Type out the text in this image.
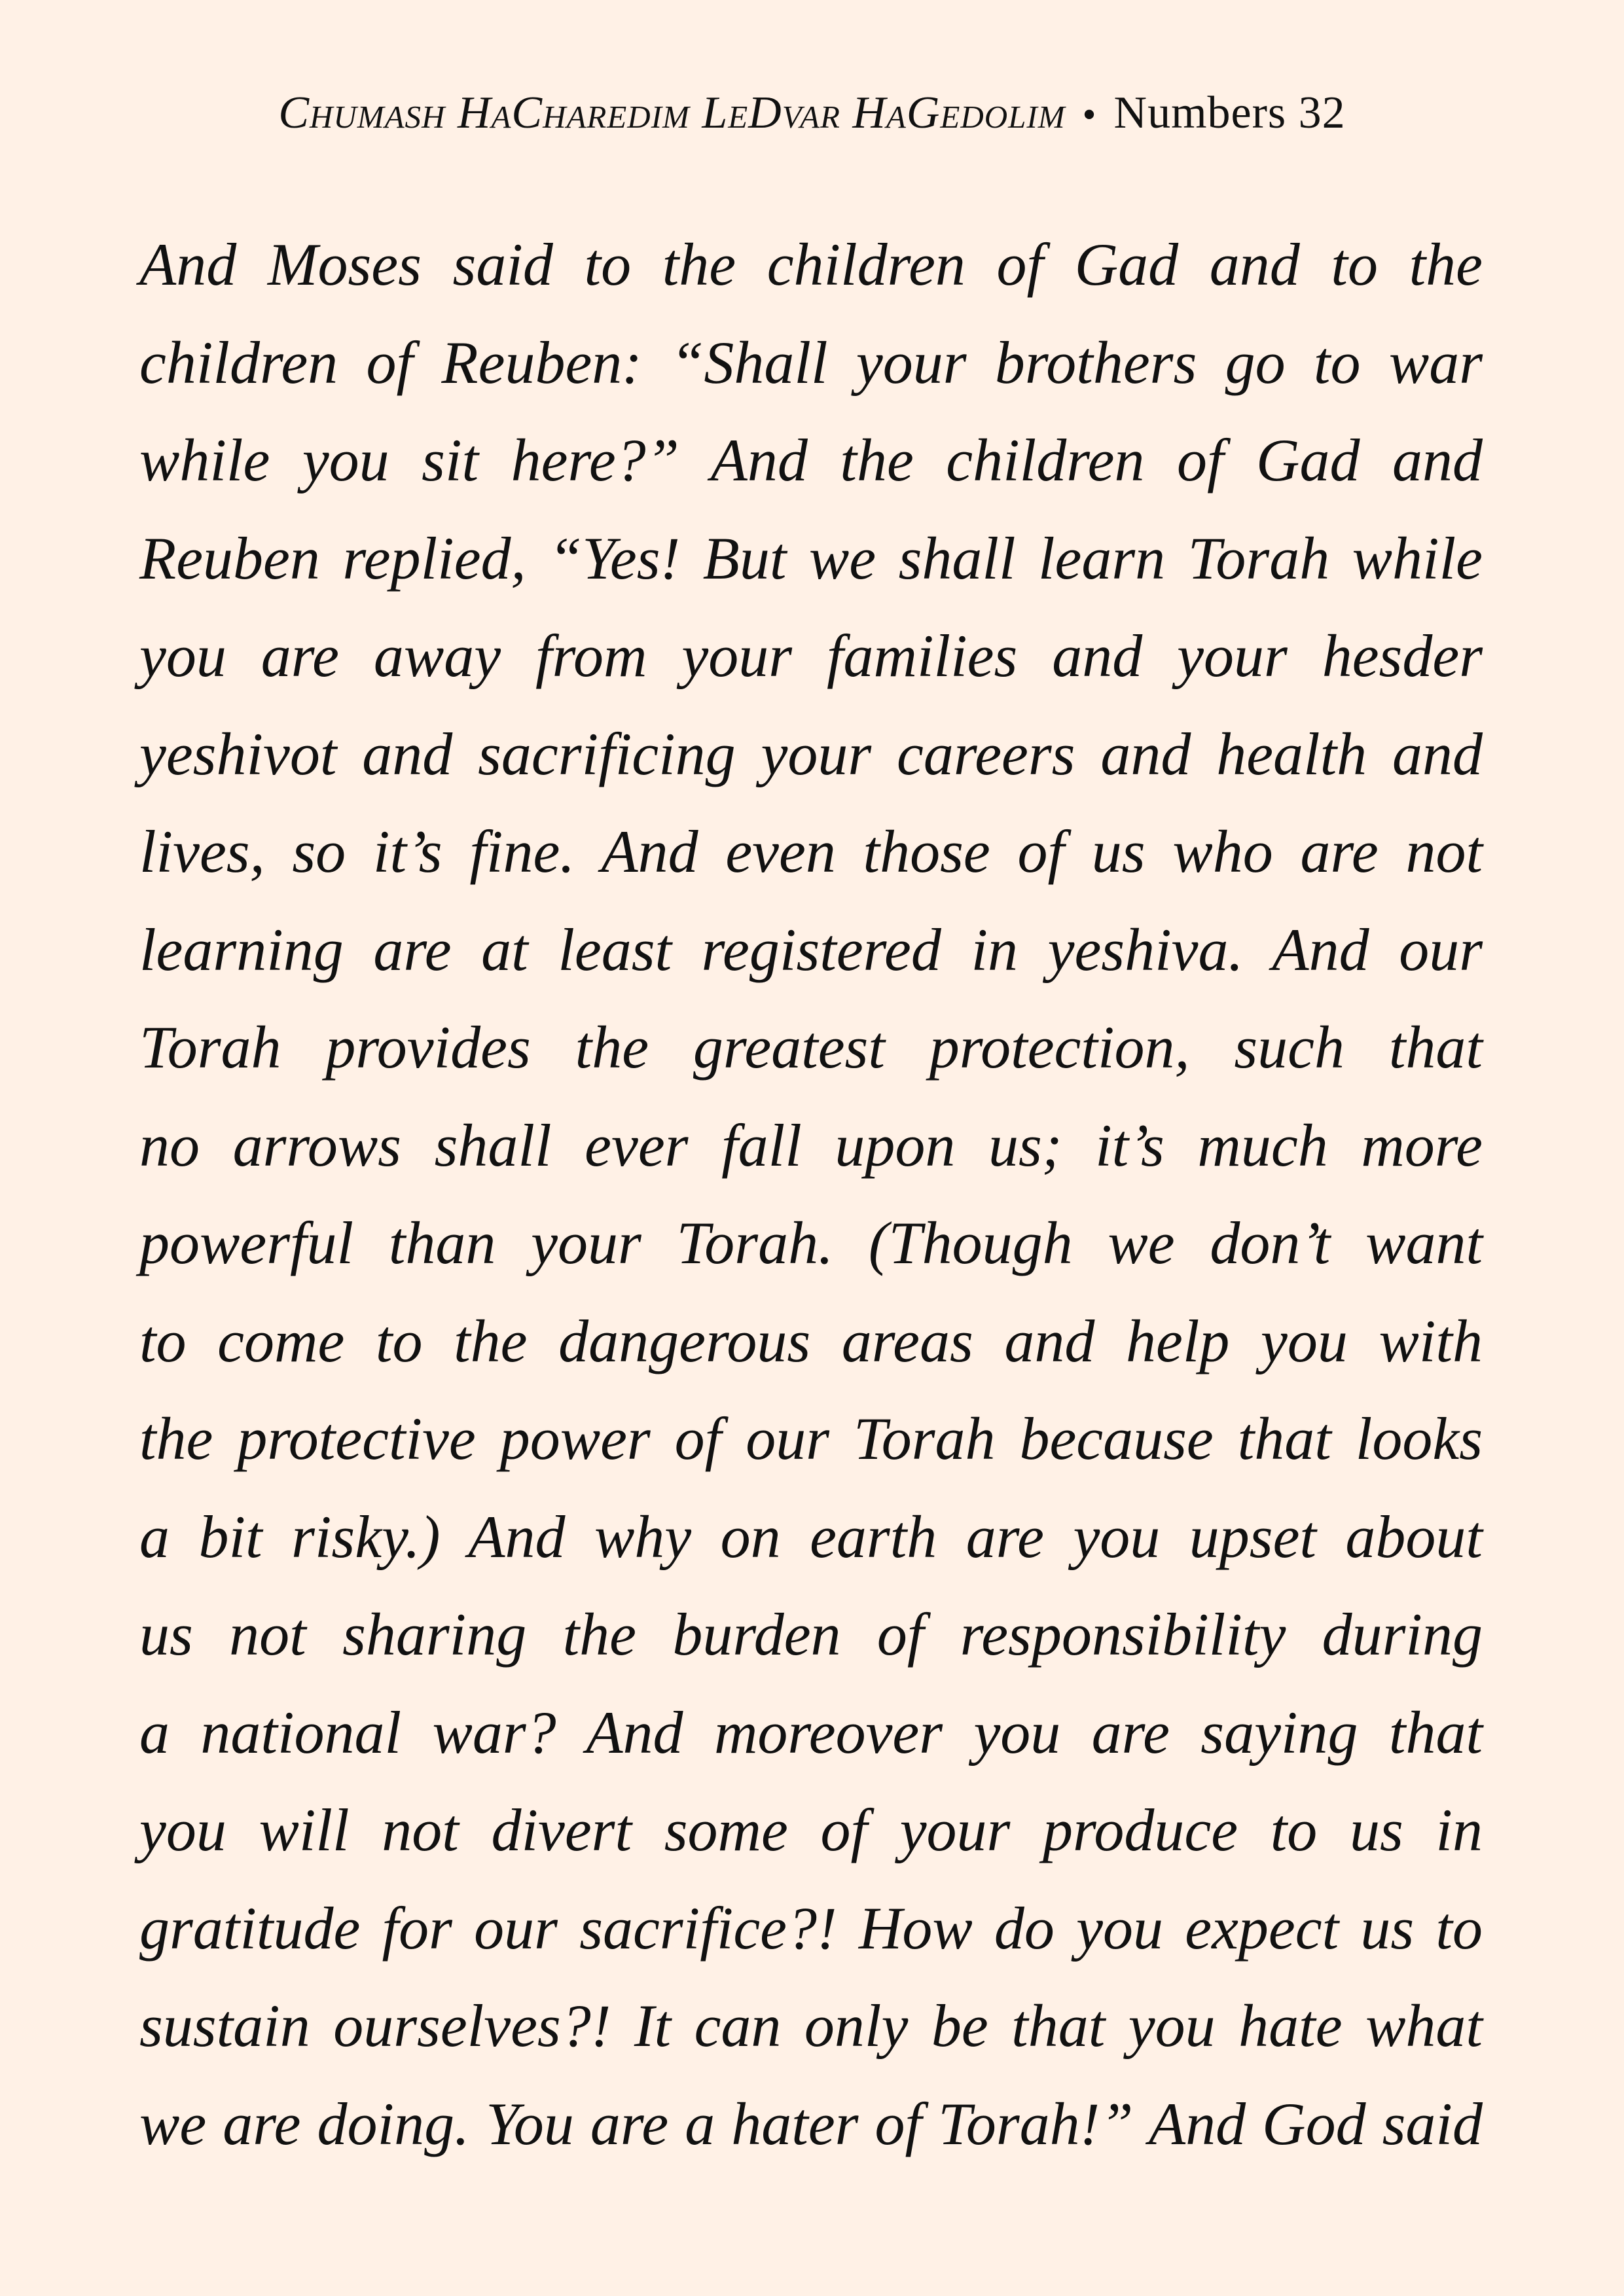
Chumash HaCharedim LeDvar HaGedolim • Numbers 32
And Moses said to the children of Gad and to the
children of Reuben: “Shall your brothers go to war
while you sit here?” And the children of Gad and
Reuben replied, “Yes! But we shall learn Torah while
you are away from your families and your hesder
yeshivot and sacrificing your careers and health and
lives, so it’s fine. And even those of us who are not
learning are at least registered in yeshiva. And our
Torah provides the greatest protection, such that
no arrows shall ever fall upon us; it’s much more
powerful than your Torah. (Though we don’t want
to come to the dangerous areas and help you with
the protective power of our Torah because that looks
a bit risky.) And why on earth are you upset about
us not sharing the burden of responsibility during
a national war? And moreover you are saying that
you will not divert some of your produce to us in
gratitude for our sacrifice?! How do you expect us to
sustain ourselves?! It can only be that you hate what
we are doing. You are a hater of Torah!” And God said
